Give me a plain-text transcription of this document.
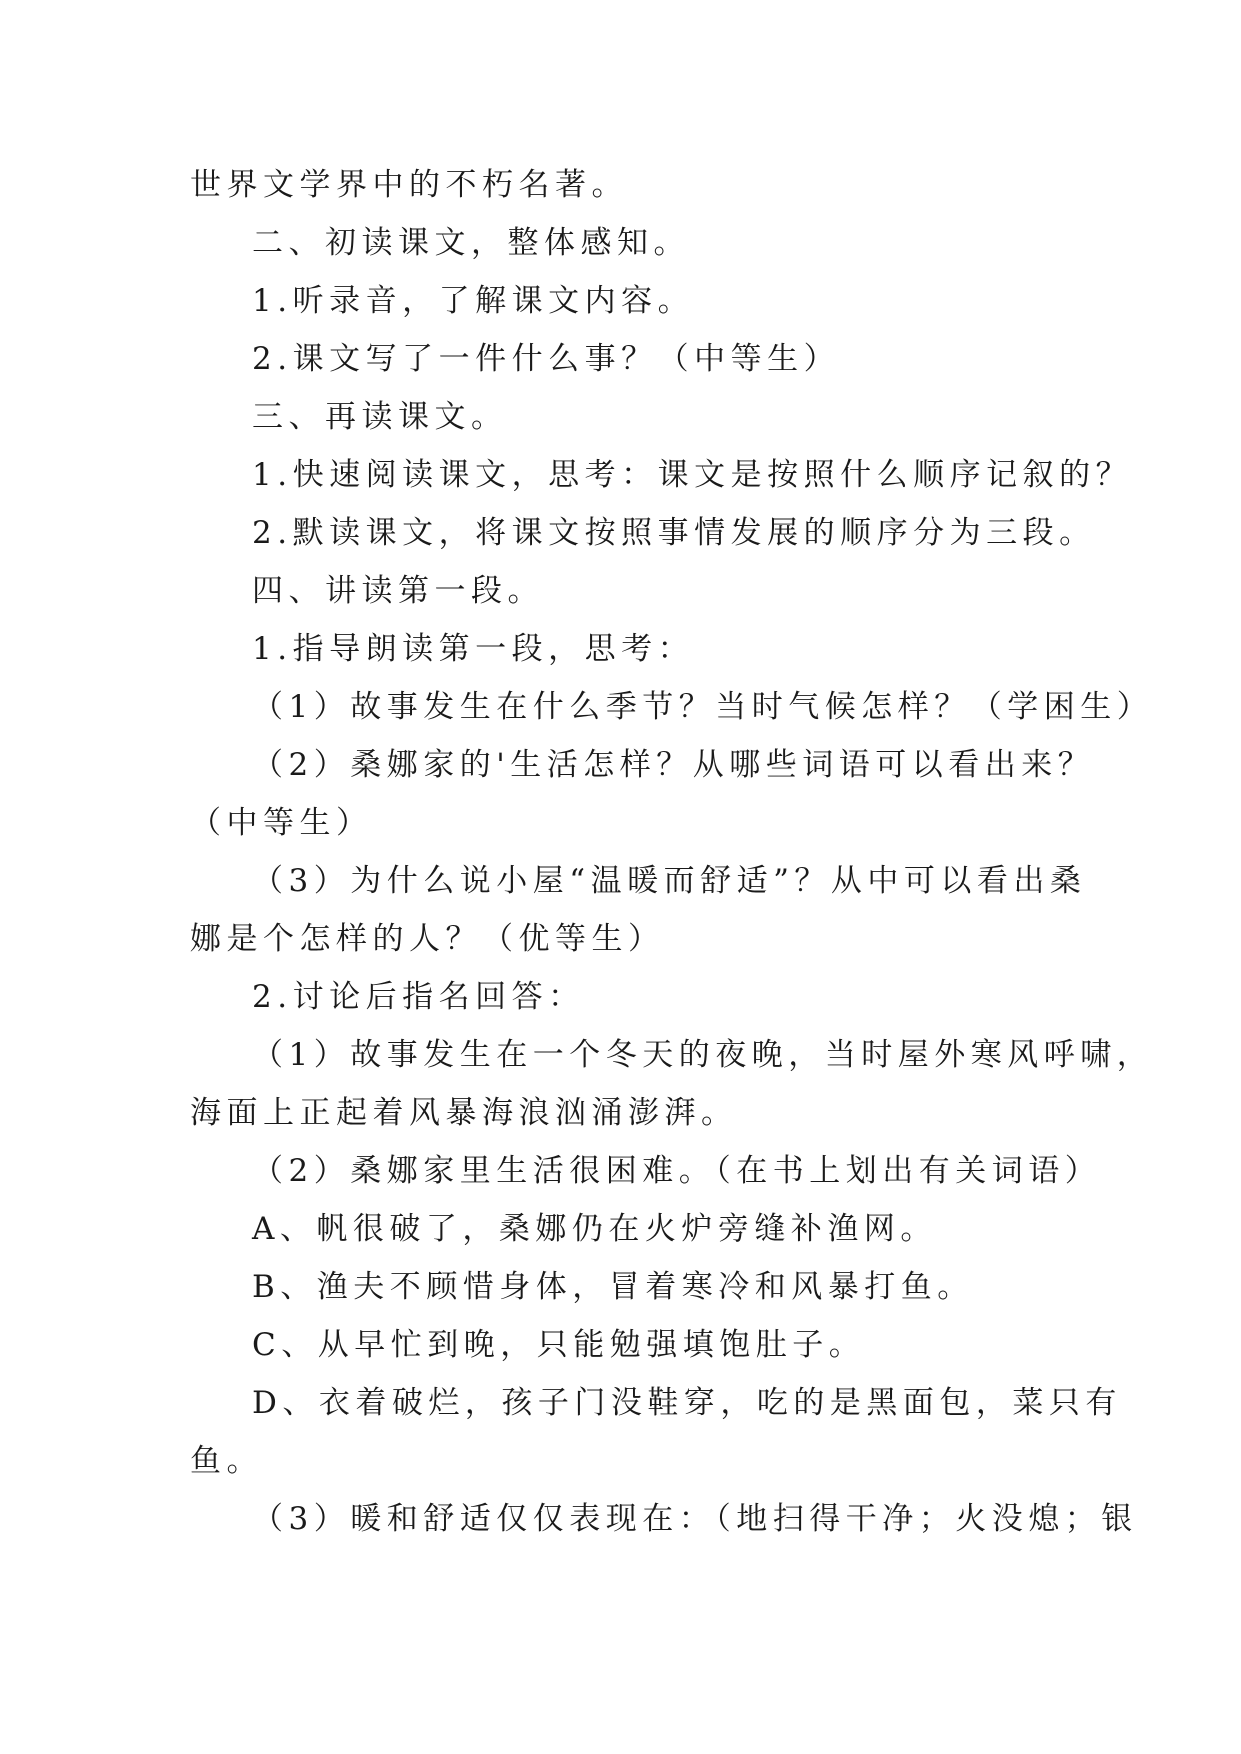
世界文学界中的不朽名著。
二、初读课文，整体感知。
1.听录音，了解课文内容。
2.课文写了一件什么事？（中等生）
三、再读课文。
1.快速阅读课文，思考：课文是按照什么顺序记叙的？
2.默读课文，将课文按照事情发展的顺序分为三段。
四、讲读第一段。
1.指导朗读第一段，思考：
（1）故事发生在什么季节？当时气候怎样？（学困生）
（2）桑娜家的'生活怎样？从哪些词语可以看出来？
（中等生）
（3）为什么说小屋“温暖而舒适”？从中可以看出桑
娜是个怎样的人？（优等生）
2.讨论后指名回答：
（1）故事发生在一个冬天的夜晚，当时屋外寒风呼啸，
海面上正起着风暴海浪汹涌澎湃。
（2）桑娜家里生活很困难。（在书上划出有关词语）
A、帆很破了，桑娜仍在火炉旁缝补渔网。
B、渔夫不顾惜身体，冒着寒冷和风暴打鱼。
C、从早忙到晚，只能勉强填饱肚子。
D、衣着破烂，孩子门没鞋穿，吃的是黑面包，菜只有
鱼。
（3）暖和舒适仅仅表现在：（地扫得干净；火没熄；银
